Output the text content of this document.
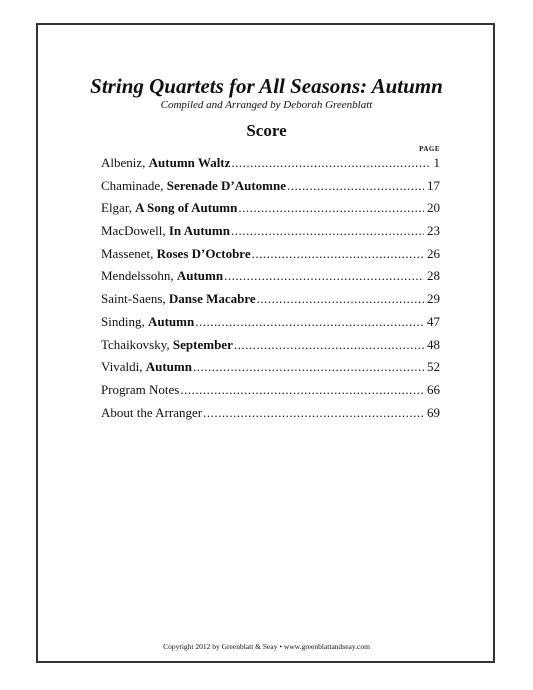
String Quartets for All Seasons: Autumn
Compiled and Arranged by Deborah Greenblatt
Score
PAGE
Albeniz, Autumn Waltz .....	1
Chaminade, Serenade D’Automne .....	17
Elgar, A Song of Autumn .....	20
MacDowell, In Autumn .....	23
Massenet, Roses D’Octobre .....	26
Mendelssohn, Autumn .....	28
Saint-Saens, Danse Macabre .....	29
Sinding, Autumn .....	47
Tchaikovsky, September .....	48
Vivaldi, Autumn .....	52
Program Notes .....	66
About the Arranger .....	69
Copyright 2012 by Greenblatt & Seay • www.greenblattandseay.com
